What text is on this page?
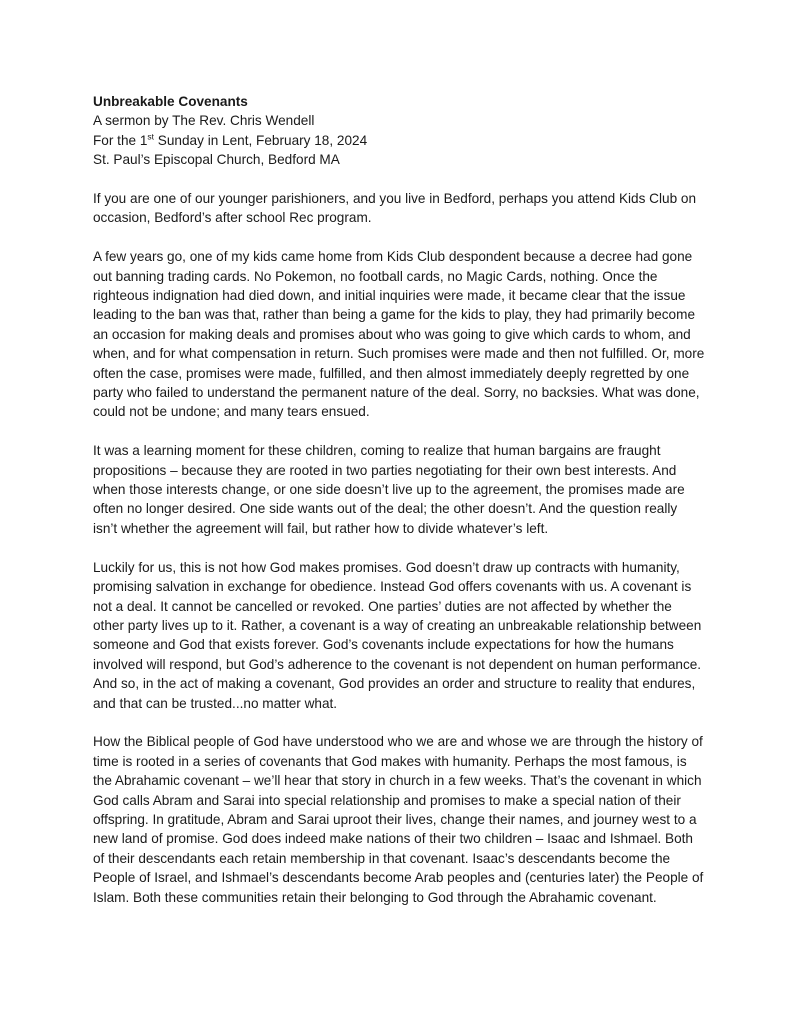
Unbreakable Covenants
A sermon by The Rev. Chris Wendell
For the 1st Sunday in Lent, February 18, 2024
St. Paul’s Episcopal Church, Bedford MA

If you are one of our younger parishioners, and you live in Bedford, perhaps you attend Kids Club on occasion, Bedford’s after school Rec program.

A few years go, one of my kids came home from Kids Club despondent because a decree had gone out banning trading cards. No Pokemon, no football cards, no Magic Cards, nothing. Once the righteous indignation had died down, and initial inquiries were made, it became clear that the issue leading to the ban was that, rather than being a game for the kids to play, they had primarily become an occasion for making deals and promises about who was going to give which cards to whom, and when, and for what compensation in return. Such promises were made and then not fulfilled. Or, more often the case, promises were made, fulfilled, and then almost immediately deeply regretted by one party who failed to understand the permanent nature of the deal. Sorry, no backsies. What was done, could not be undone; and many tears ensued.

It was a learning moment for these children, coming to realize that human bargains are fraught propositions – because they are rooted in two parties negotiating for their own best interests. And when those interests change, or one side doesn’t live up to the agreement, the promises made are often no longer desired. One side wants out of the deal; the other doesn’t. And the question really isn’t whether the agreement will fail, but rather how to divide whatever’s left.

Luckily for us, this is not how God makes promises. God doesn’t draw up contracts with humanity, promising salvation in exchange for obedience. Instead God offers covenants with us. A covenant is not a deal. It cannot be cancelled or revoked. One parties’ duties are not affected by whether the other party lives up to it. Rather, a covenant is a way of creating an unbreakable relationship between someone and God that exists forever. God’s covenants include expectations for how the humans involved will respond, but God’s adherence to the covenant is not dependent on human performance. And so, in the act of making a covenant, God provides an order and structure to reality that endures, and that can be trusted...no matter what.

How the Biblical people of God have understood who we are and whose we are through the history of time is rooted in a series of covenants that God makes with humanity. Perhaps the most famous, is the Abrahamic covenant – we’ll hear that story in church in a few weeks. That’s the covenant in which God calls Abram and Sarai into special relationship and promises to make a special nation of their offspring. In gratitude, Abram and Sarai uproot their lives, change their names, and journey west to a new land of promise. God does indeed make nations of their two children – Isaac and Ishmael. Both of their descendants each retain membership in that covenant. Isaac’s descendants become the People of Israel, and Ishmael’s descendants become Arab peoples and (centuries later) the People of Islam. Both these communities retain their belonging to God through the Abrahamic covenant.
